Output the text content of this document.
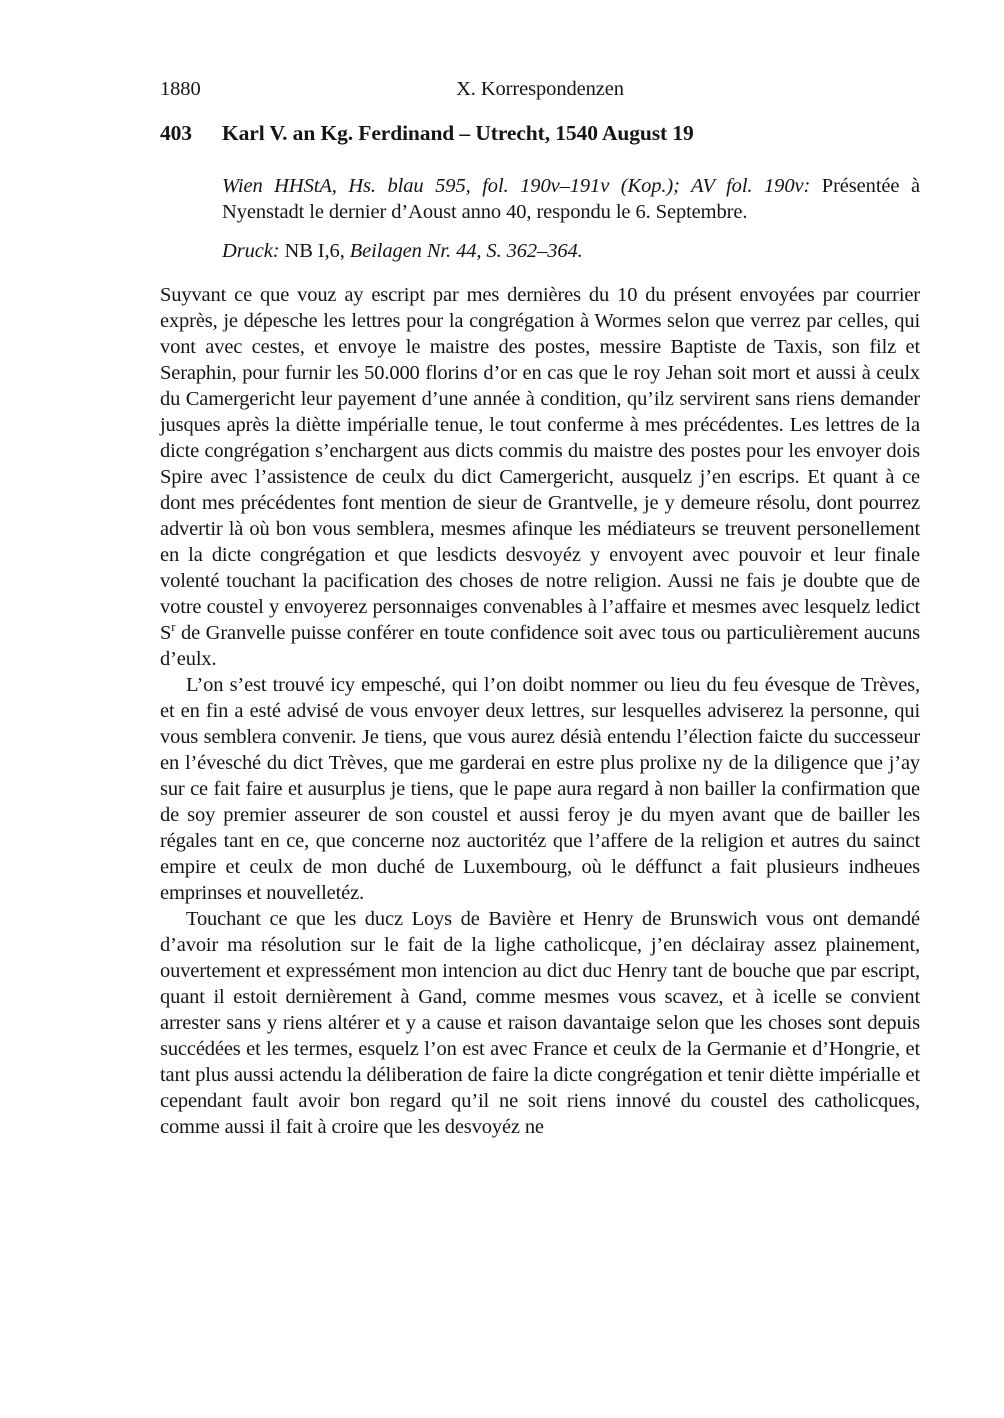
1880	X. Korrespondenzen
403	Karl V. an Kg. Ferdinand – Utrecht, 1540 August 19

Wien HHStA, Hs. blau 595, fol. 190v–191v (Kop.); AV fol. 190v: Présentée à Nyenstadt le dernier d’Aoust anno 40, respondu le 6. Septembre.

Druck: NB I,6, Beilagen Nr. 44, S. 362–364.

Suyvant ce que vouz ay escript par mes dernières du 10 du présent envoyées par courrier exprès, je dépesche les lettres pour la congrégation à Wormes selon que verrez par celles, qui vont avec cestes, et envoye le maistre des postes, messire Baptiste de Taxis, son filz et Seraphin, pour furnir les 50.000 florins d’or en cas que le roy Jehan soit mort et aussi à ceulx du Camergericht leur payement d’une année à condition, qu’ilz servirent sans riens demander jusques après la diètte impérialle tenue, le tout conferme à mes précédentes. Les lettres de la dicte congrégation s’enchargent aus dicts commis du maistre des postes pour les envoyer dois Spire avec l’assistence de ceulx du dict Camergericht, ausquelz j’en escrips. Et quant à ce dont mes précédentes font mention de sieur de Grantvelle, je y demeure résolu, dont pourrez advertir là où bon vous semblera, mesmes afinque les médiateurs se treuvent personellement en la dicte congrégation et que lesdicts desvoyéz y envoyent avec pouvoir et leur finale volenté touchant la pacification des choses de notre religion. Aussi ne fais je doubte que de votre coustel y envoyerez personnaiges convenables à l’affaire et mesmes avec lesquelz ledict $S^r$ de Granvelle puisse conférer en toute confidence soit avec tous ou particulièrement aucuns d’eulx.

L’on s’est trouvé icy empesché, qui l’on doibt nommer ou lieu du feu évesque de Trèves, et en fin a esté advisé de vous envoyer deux lettres, sur lesquelles adviserez la personne, qui vous semblera convenir. Je tiens, que vous aurez désià entendu l’élection faicte du successeur en l’évesché du dict Trèves, que me garderai en estre plus prolixe ny de la diligence que j’ay sur ce fait faire et ausurplus je tiens, que le pape aura regard à non bailler la confirmation que de soy premier asseurer de son coustel et aussi feroy je du myen avant que de bailler les régales tant en ce, que concerne noz auctoritéz que l’affere de la religion et autres du sainct empire et ceulx de mon duché de Luxembourg, où le déffunct a fait plusieurs indheues emprinses et nouvelletéz.

Touchant ce que les ducz Loys de Bavière et Henry de Brunswich vous ont demandé d’avoir ma résolution sur le fait de la lighe catholicque, j’en déclairay assez plainement, ouvertement et expressément mon intencion au dict duc Henry tant de bouche que par escript, quant il estoit dernièrement à Gand, comme mesmes vous scavez, et à icelle se convient arrester sans y riens altérer et y a cause et raison davantaige selon que les choses sont depuis succédées et les termes, esquelz l’on est avec France et ceulx de la Germanie et d’Hongrie, et tant plus aussi actendu la déliberation de faire la dicte congrégation et tenir diètte impérialle et cependant fault avoir bon regard qu’il ne soit riens innové du coustel des catholicques, comme aussi il fait à croire que les desvoyéz ne
